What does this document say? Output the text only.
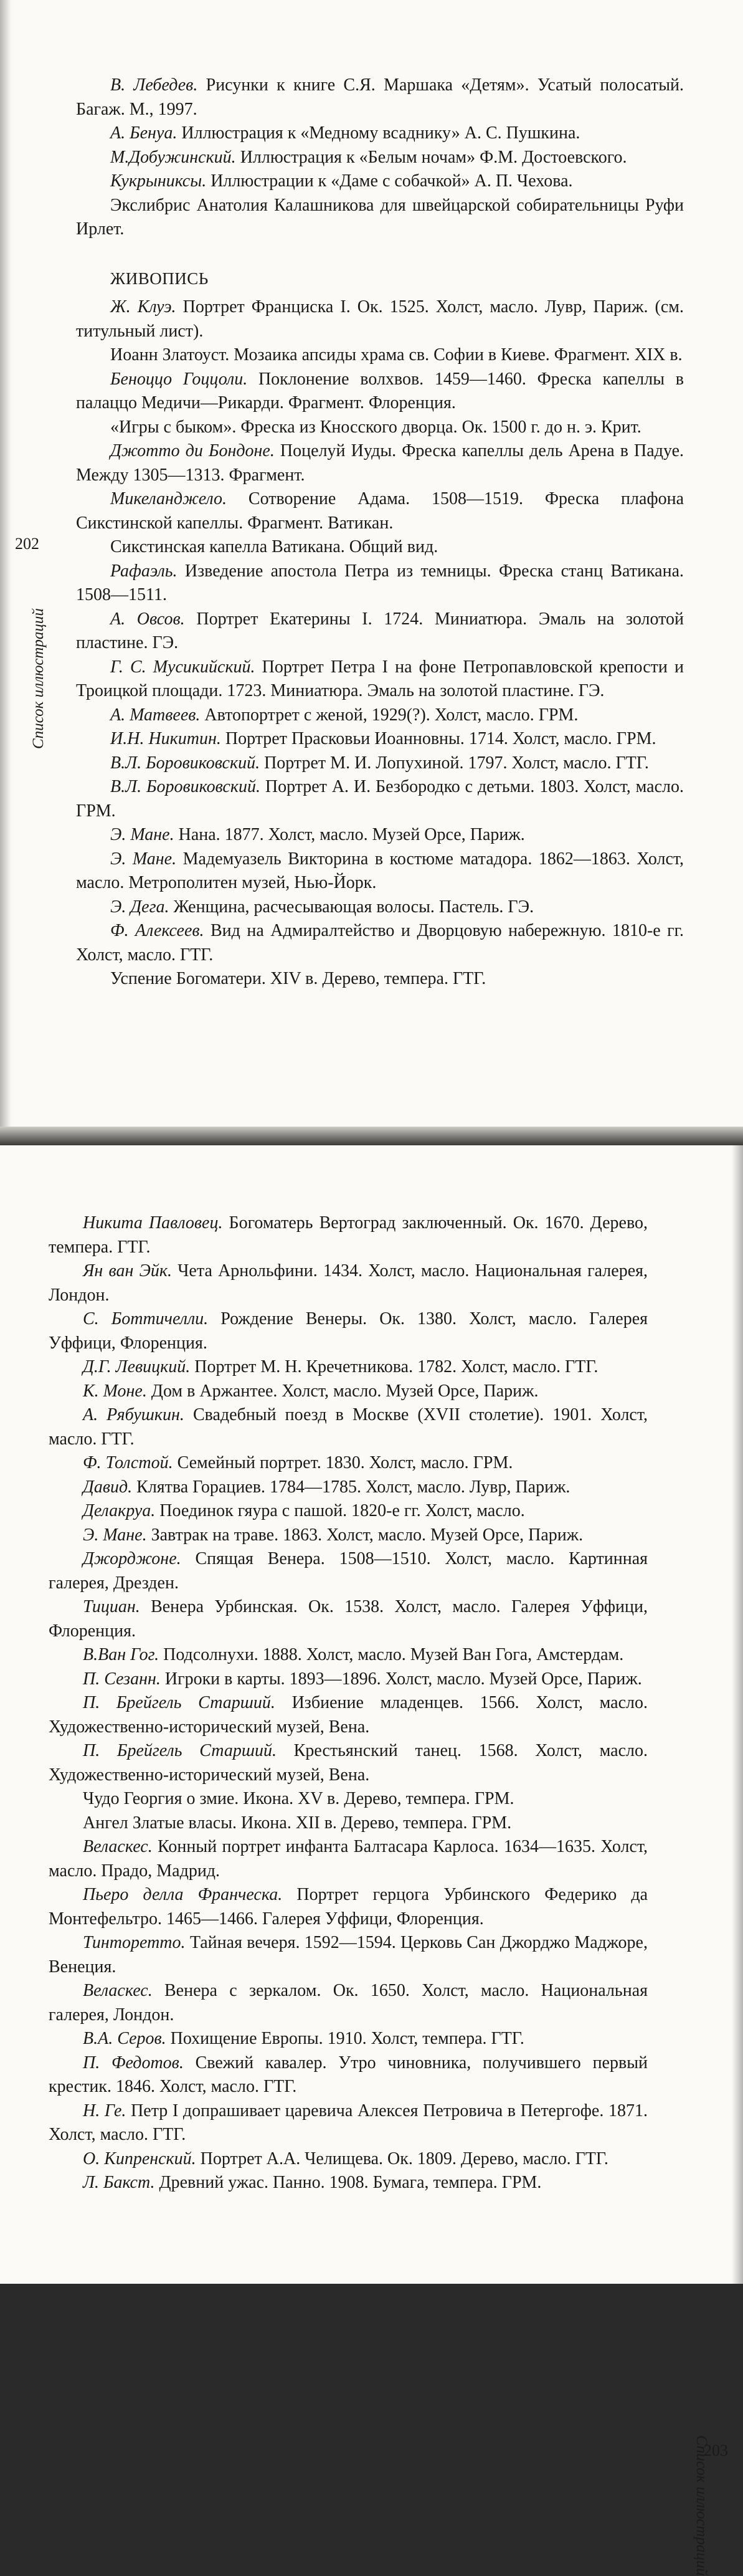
202
Список иллюстраций

В. Лебедев. Рисунки к книге С.Я. Маршака «Детям». Усатый полосатый. Багаж. М., 1997.

А. Бенуа. Иллюстрация к «Медному всаднику» А. С. Пушкина.

М.Добужинский. Иллюстрация к «Белым ночам» Ф.М. Достоевского.

Кукрыниксы. Иллюстрации к «Даме с собачкой» А. П. Чехова.

Экслибрис Анатолия Калашникова для швейцарской собирательницы Руфи Ирлет.

ЖИВОПИСЬ

Ж. Клуэ. Портрет Франциска I. Ок. 1525. Холст, масло. Лувр, Париж. (см. титульный лист).

Иоанн Златоуст. Мозаика апсиды храма св. Софии в Киеве. Фрагмент. XIX в.

Беноццо Гоццоли. Поклонение волхвов. 1459—1460. Фреска капеллы в палаццо Медичи—Рикарди. Фрагмент. Флоренция.

«Игры с быком». Фреска из Кносского дворца. Ок. 1500 г. до н. э. Крит.

Джотто ди Бондоне. Поцелуй Иуды. Фреска капеллы дель Арена в Падуе. Между 1305—1313. Фрагмент.

Микеланджело. Сотворение Адама. 1508—1519. Фреска плафона Сикстинской капеллы. Фрагмент. Ватикан.

Сикстинская капелла Ватикана. Общий вид.

Рафаэль. Изведение апостола Петра из темницы. Фреска станц Ватикана. 1508—1511.

А. Овсов. Портрет Екатерины I. 1724. Миниатюра. Эмаль на золотой пластине. ГЭ.

Г. С. Мусикийский. Портрет Петра I на фоне Петропавловской крепости и Троицкой площади. 1723. Миниатюра. Эмаль на золотой пластине. ГЭ.

А. Матвеев. Автопортрет с женой, 1929(?). Холст, масло. ГРМ.

И.Н. Никитин. Портрет Прасковьи Иоанновны. 1714. Холст, масло. ГРМ.

В.Л. Боровиковский. Портрет М. И. Лопухиной. 1797. Холст, масло. ГТГ.

В.Л. Боровиковский. Портрет А. И. Безбородко с детьми. 1803. Холст, масло. ГРМ.

Э. Мане. Нана. 1877. Холст, масло. Музей Орсе, Париж.

Э. Мане. Мадемуазель Викторина в костюме матадора. 1862—1863. Холст, масло. Метрополитен музей, Нью-Йорк.

Э. Дега. Женщина, расчесывающая волосы. Пастель. ГЭ.

Ф. Алексеев. Вид на Адмиралтейство и Дворцовую набережную. 1810-е гг. Холст, масло. ГТГ.

Успение Богоматери. XIV в. Дерево, темпера. ГТГ.

203
Список иллюстраций

Никита Павловец. Богоматерь Вертоград заключенный. Ок. 1670. Дерево, темпера. ГТГ.

Ян ван Эйк. Чета Арнольфини. 1434. Холст, масло. Национальная галерея, Лондон.

С. Боттичелли. Рождение Венеры. Ок. 1380. Холст, масло. Галерея Уффици, Флоренция.

Д.Г. Левицкий. Портрет М. Н. Кречетникова. 1782. Холст, масло. ГТГ.

К. Моне. Дом в Аржантее. Холст, масло. Музей Орсе, Париж.

А. Рябушкин. Свадебный поезд в Москве (XVII столетие). 1901. Холст, масло. ГТГ.

Ф. Толстой. Семейный портрет. 1830. Холст, масло. ГРМ.

Давид. Клятва Горациев. 1784—1785. Холст, масло. Лувр, Париж.

Делакруа. Поединок гяура с пашой. 1820-е гг. Холст, масло.

Э. Мане. Завтрак на траве. 1863. Холст, масло. Музей Орсе, Париж.

Джорджоне. Спящая Венера. 1508—1510. Холст, масло. Картинная галерея, Дрезден.

Тициан. Венера Урбинская. Ок. 1538. Холст, масло. Галерея Уффици, Флоренция.

В.Ван Гог. Подсолнухи. 1888. Холст, масло. Музей Ван Гога, Амстердам.

П. Сезанн. Игроки в карты. 1893—1896. Холст, масло. Музей Орсе, Париж.

П. Брейгель Старший. Избиение младенцев. 1566. Холст, масло. Художественно-исторический музей, Вена.

П. Брейгель Старший. Крестьянский танец. 1568. Холст, масло. Художественно-исторический музей, Вена.

Чудо Георгия о змие. Икона. XV в. Дерево, темпера. ГРМ.

Ангел Златые власы. Икона. XII в. Дерево, темпера. ГРМ.

Веласкес. Конный портрет инфанта Балтасара Карлоса. 1634—1635. Холст, масло. Прадо, Мадрид.

Пьеро делла Франческа. Портрет герцога Урбинского Федерико да Монтефельтро. 1465—1466. Галерея Уффици, Флоренция.

Тинторетто. Тайная вечеря. 1592—1594. Церковь Сан Джорджо Маджоре, Венеция.

Веласкес. Венера с зеркалом. Ок. 1650. Холст, масло. Национальная галерея, Лондон.

В.А. Серов. Похищение Европы. 1910. Холст, темпера. ГТГ.

П. Федотов. Свежий кавалер. Утро чиновника, получившего первый крестик. 1846. Холст, масло. ГТГ.

Н. Ге. Петр I допрашивает царевича Алексея Петровича в Петергофе. 1871. Холст, масло. ГТГ.

О. Кипренский. Портрет А.А. Челищева. Ок. 1809. Дерево, масло. ГТГ.

Л. Бакст. Древний ужас. Панно. 1908. Бумага, темпера. ГРМ.
